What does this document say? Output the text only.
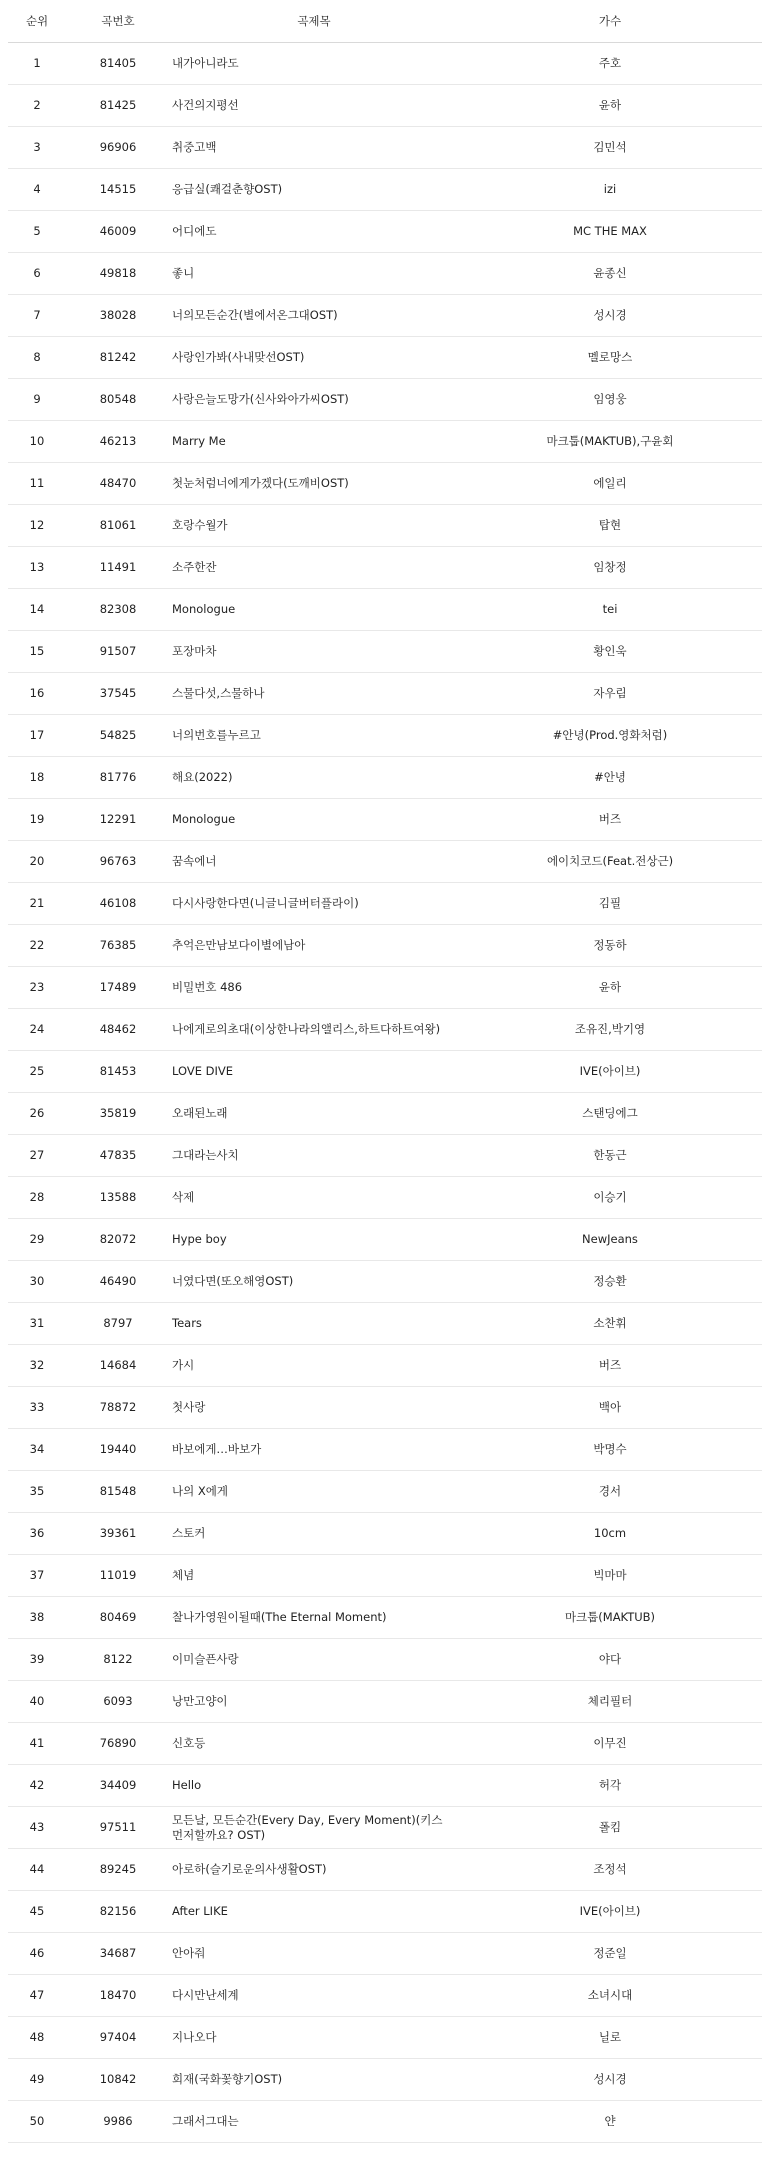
순위	곡번호	곡제목	가수
1	81405	내가아니라도	주호
2	81425	사건의지평선	윤하
3	96906	취중고백	김민석
4	14515	응급실(쾌걸춘향OST)	izi
5	46009	어디에도	MC THE MAX
6	49818	좋니	윤종신
7	38028	너의모든순간(별에서온그대OST)	성시경
8	81242	사랑인가봐(사내맞선OST)	멜로망스
9	80548	사랑은늘도망가(신사와아가씨OST)	임영웅
10	46213	Marry Me	마크툽(MAKTUB),구윤회
11	48470	첫눈처럼너에게가겠다(도깨비OST)	에일리
12	81061	호랑수월가	탑현
13	11491	소주한잔	임창정
14	82308	Monologue	tei
15	91507	포장마차	황인욱
16	37545	스물다섯,스물하나	자우림
17	54825	너의번호를누르고	#안녕(Prod.영화처럼)
18	81776	해요(2022)	#안녕
19	12291	Monologue	버즈
20	96763	꿈속에너	에이치코드(Feat.전상근)
21	46108	다시사랑한다면(니글니글버터플라이)	김필
22	76385	추억은만남보다이별에남아	정동하
23	17489	비밀번호 486	윤하
24	48462	나에게로의초대(이상한나라의앨리스,하트다하트여왕)	조유진,박기영
25	81453	LOVE DIVE	IVE(아이브)
26	35819	오래된노래	스탠딩에그
27	47835	그대라는사치	한동근
28	13588	삭제	이승기
29	82072	Hype boy	NewJeans
30	46490	너였다면(또오해영OST)	정승환
31	8797	Tears	소찬휘
32	14684	가시	버즈
33	78872	첫사랑	백아
34	19440	바보에게…바보가	박명수
35	81548	나의 X에게	경서
36	39361	스토커	10cm
37	11019	체념	빅마마
38	80469	찰나가영원이될때(The Eternal Moment)	마크툽(MAKTUB)
39	8122	이미슬픈사랑	야다
40	6093	낭만고양이	체리필터
41	76890	신호등	이무진
42	34409	Hello	허각
43	97511	모든날, 모든순간(Every Day, Every Moment)(키스먼저할까요? OST)	폴킴
44	89245	아로하(슬기로운의사생활OST)	조정석
45	82156	After LIKE	IVE(아이브)
46	34687	안아줘	정준일
47	18470	다시만난세계	소녀시대
48	97404	지나오다	닐로
49	10842	희재(국화꽃향기OST)	성시경
50	9986	그래서그대는	얀
